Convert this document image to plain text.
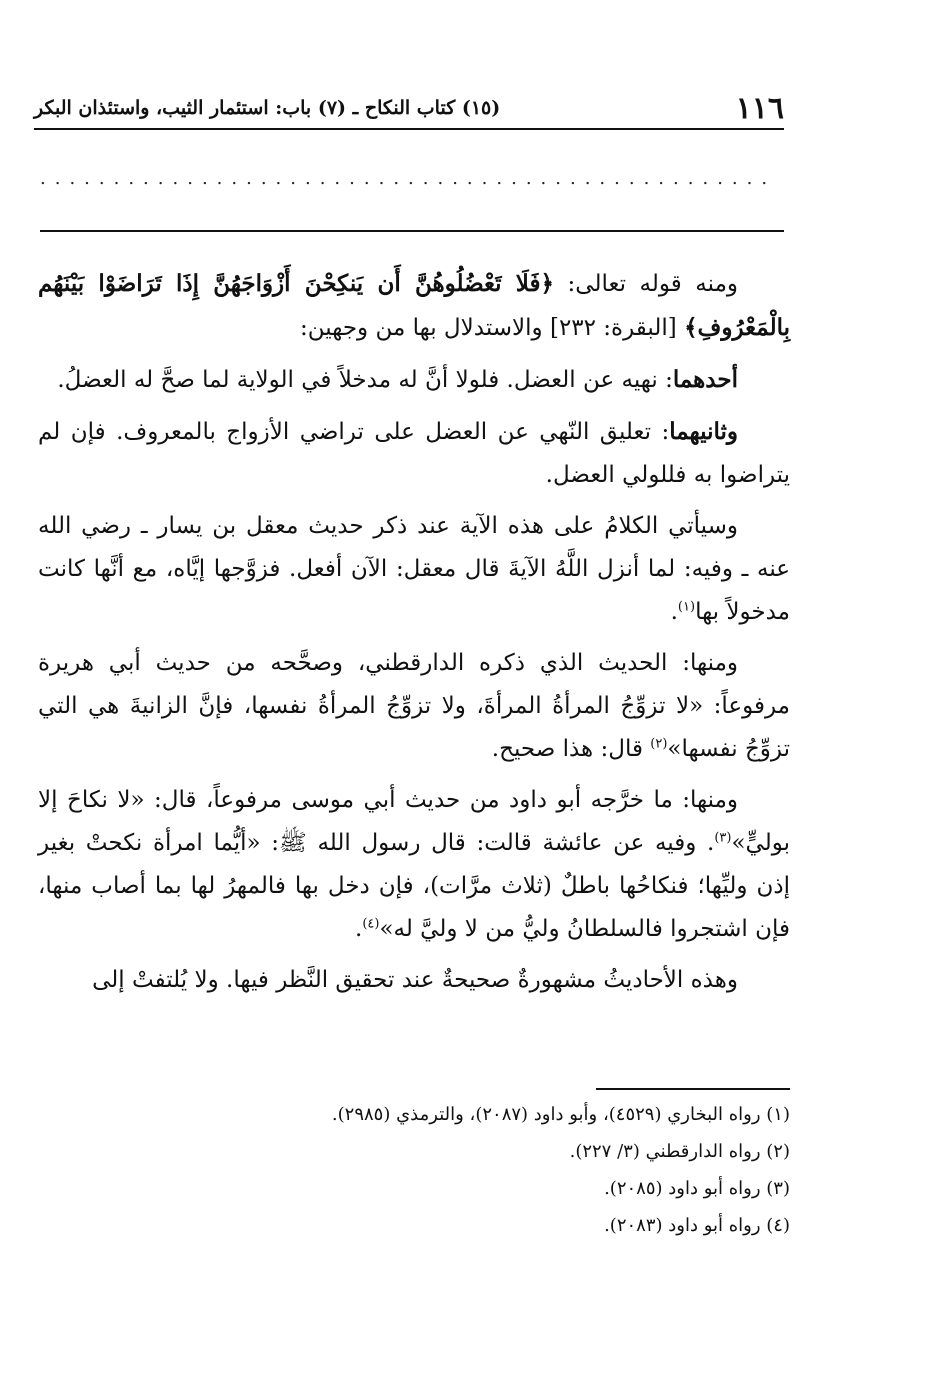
١١٦
(١٥) كتاب النكاح ـ (٧) باب: استئمار الثيب، واستئذان البكر
..................................................

ومنه قوله تعالى: ﴿فَلَا تَعْضُلُوهُنَّ أَن يَنكِحْنَ أَزْوَاجَهُنَّ إِذَا تَرَاضَوْا بَيْنَهُم بِالْمَعْرُوفِ﴾ [البقرة: ٢٣٢] والاستدلال بها من وجهين:

أحدهما: نهيه عن العضل. فلولا أنَّ له مدخلاً في الولاية لما صحَّ له العضلُ.

وثانيهما: تعليق النّهي عن العضل على تراضي الأزواج بالمعروف. فإن لم يتراضوا به فللولي العضل.

وسيأتي الكلامُ على هذه الآية عند ذكر حديث معقل بن يسار ـ رضي الله عنه ـ وفيه: لما أنزل اللَّهُ الآيةَ قال معقل: الآن أفعل. فزوَّجها إيَّاه، مع أنَّها كانت مدخولاً بها$^{(١)}$.

ومنها: الحديث الذي ذكره الدارقطني، وصحَّحه من حديث أبي هريرة مرفوعاً: «لا تزوِّجُ المرأةُ المرأةَ، ولا تزوِّجُ المرأةُ نفسها، فإنَّ الزانيةَ هي التي تزوِّجُ نفسها»$^{(٢)}$ قال: هذا صحيح.

ومنها: ما خرَّجه أبو داود من حديث أبي موسى مرفوعاً، قال: «لا نكاحَ إلا بوليٍّ»$^{(٣)}$. وفيه عن عائشة قالت: قال رسول الله ﷺ: «أيُّما امرأة نكحتْ بغير إذن وليِّها؛ فنكاحُها باطلٌ (ثلاث مرَّات)، فإن دخل بها فالمهرُ لها بما أصاب منها، فإن اشتجروا فالسلطانُ وليُّ من لا وليَّ له»$^{(٤)}$.

وهذه الأحاديثُ مشهورةٌ صحيحةٌ عند تحقيق النَّظر فيها. ولا يُلتفتْ إلى

(١) رواه البخاري (٤٥٢٩)، وأبو داود (٢٠٨٧)، والترمذي (٢٩٨٥).
(٢) رواه الدارقطني (٣/ ٢٢٧).
(٣) رواه أبو داود (٢٠٨٥).
(٤) رواه أبو داود (٢٠٨٣).
